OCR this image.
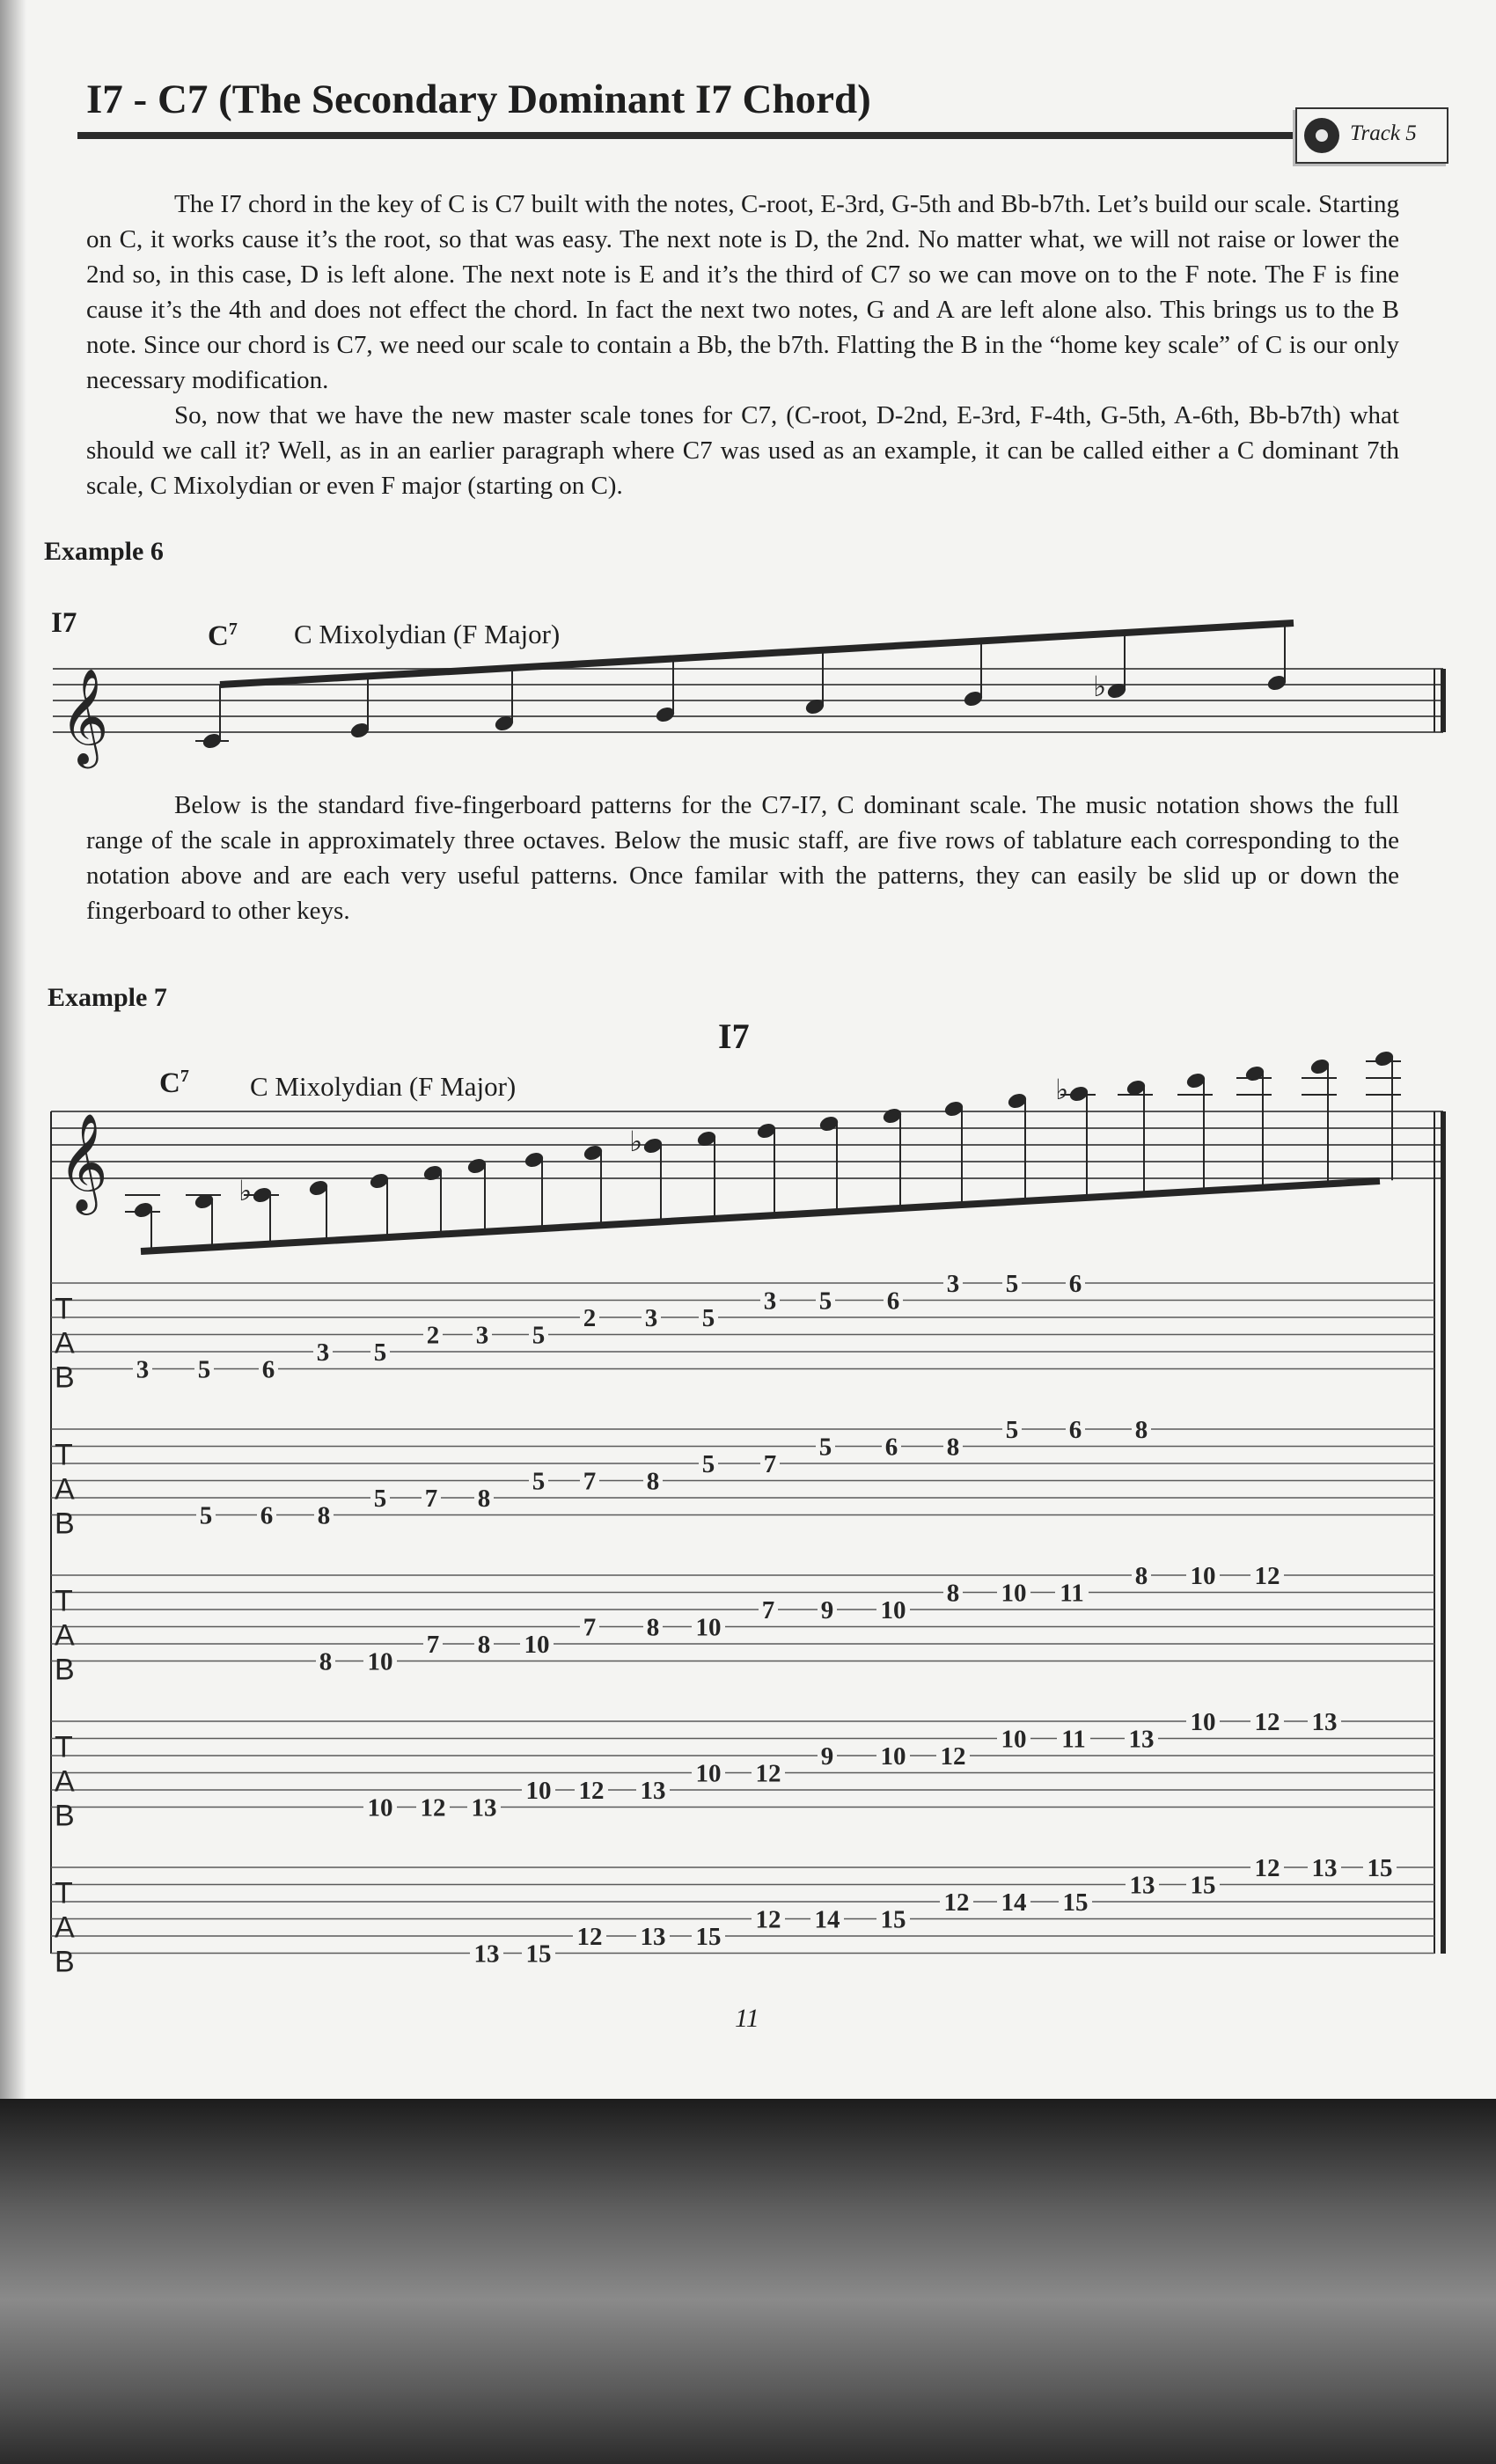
I7 - C7 (The Secondary Dominant I7 Chord)
Track 5

The I7 chord in the key of C is C7 built with the notes, C-root, E-3rd, G-5th and Bb-b7th. Let’s build our scale. Starting on C, it works cause it’s the root, so that was easy. The next note is D, the 2nd. No matter what, we will not raise or lower the 2nd so, in this case, D is left alone. The next note is E and it’s the third of C7 so we can move on to the F note. The F is fine cause it’s the 4th and does not effect the chord. In fact the next two notes, G and A are left alone also. This brings us to the B note. Since our chord is C7, we need our scale to contain a Bb, the b7th. Flatting the B in the “home key scale” of C is our only necessary modification.

So, now that we have the new master scale tones for C7, (C-root, D-2nd, E-3rd, F-4th, G-5th, A-6th, Bb-b7th) what should we call it? Well, as in an earlier paragraph where C7 was used as an example, it can be called either a C dominant 7th scale, C Mixolydian or even F major (starting on C).

Example 6
I7	$C^7$ C Mixolydian (F Major)
𝄞	♭

Below is the standard five-fingerboard patterns for the C7-I7, C dominant scale. The music notation shows the full range of the scale in approximately three octaves. Below the music staff, are five rows of tablature each corresponding to the notation above and are each very useful patterns. Once familar with the patterns, they can easily be slid up or down the fingerboard to other keys.

Example 7
I7
$C^7$ C Mixolydian (F Major)
𝄞	♭
♭
♭
T
A
B 3 5 6
3 5
2 3 5
2 3 5
3 5 6
3 5 6
T
A
B	5 6 8
5 7 8
5 7 8
5 7
5 6 8
5 6 8
T
A
B	8 10
7 8 10
7 8 10
7 9 10
8 10 11
8 10 12
T
A
B	10 12 13
10 12 13
10 12
9 10 12
10 11 13
10 12 13
T
A
B	13 15
12 13 15
12 14 15
12 14 15
13 15
12 13 15
11
